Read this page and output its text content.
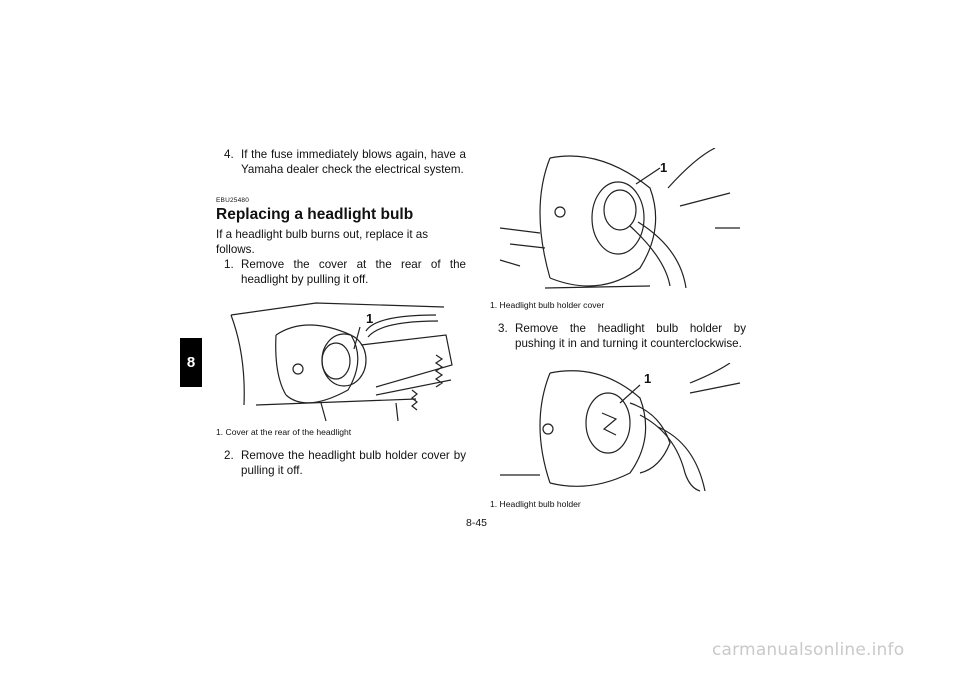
8

4. If the fuse immediately blows again, have a Yamaha dealer check the electrical system.

EBU25480
Replacing a headlight bulb

If a headlight bulb burns out, replace it as follows.

1. Remove the cover at the rear of the headlight by pulling it off.

1
1. Cover at the rear of the headlight

2. Remove the headlight bulb holder cover by pulling it off.

1
1. Headlight bulb holder cover

3. Remove the headlight bulb holder by pushing it in and turning it counterclockwise.

1
1. Headlight bulb holder
8-45
carmanualsonline.info
